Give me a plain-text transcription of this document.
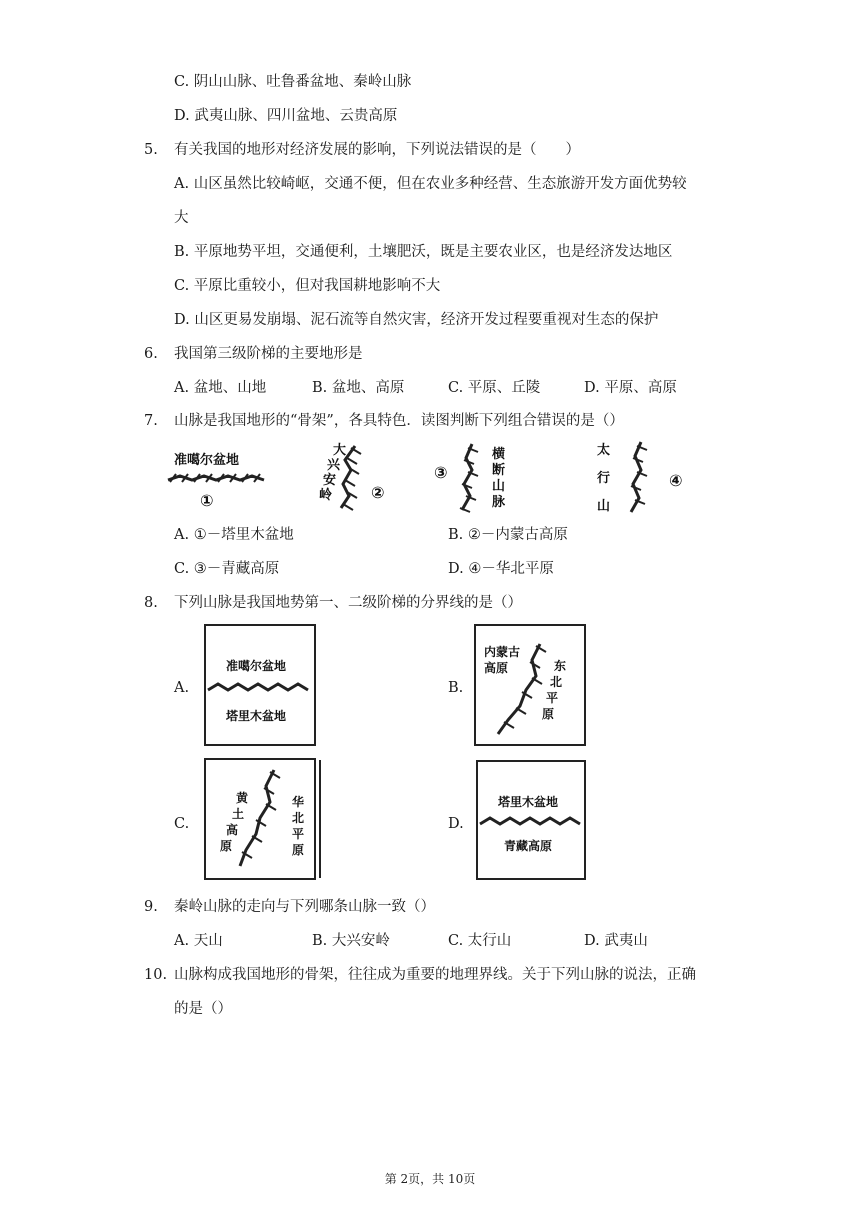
C. 阴山山脉、吐鲁番盆地、秦岭山脉
D. 武夷山脉、四川盆地、云贵高原
5. 有关我国的地形对经济发展的影响，下列说法错误的是（　　）
A. 山区虽然比较崎岖，交通不便，但在农业多种经营、生态旅游开发方面优势较
大
B. 平原地势平坦，交通便利，土壤肥沃，既是主要农业区，也是经济发达地区
C. 平原比重较小，但对我国耕地影响不大
D. 山区更易发崩塌、泥石流等自然灾害，经济开发过程要重视对生态的保护
6. 我国第三级阶梯的主要地形是
A. 盆地、山地	B. 盆地、高原	C. 平原、丘陵	D. 平原、高原
7. 山脉是我国地形的“骨架”，各具特色．读图判断下列组合错误的是（）
准噶尔盆地
①
大
兴
安
岭 ②
③
横
断
山
脉
太
行
山
④
A. ①－塔里木盆地	B. ②－内蒙古高原
C. ③－青藏高原	D. ④－华北平原
8. 下列山脉是我国地势第一、二级阶梯的分界线的是（）
A.
准噶尔盆地
塔里木盆地
B.
内蒙古
高原	东
北
平
原
C.
黄
土
高
原
华
北
平
原
D.
塔里木盆地
青藏高原
9. 秦岭山脉的走向与下列哪条山脉一致（）
A. 天山	B. 大兴安岭	C. 太行山	D. 武夷山
10. 山脉构成我国地形的骨架，往往成为重要的地理界线。关于下列山脉的说法，正确
的是（）
第 2页，共 10页
